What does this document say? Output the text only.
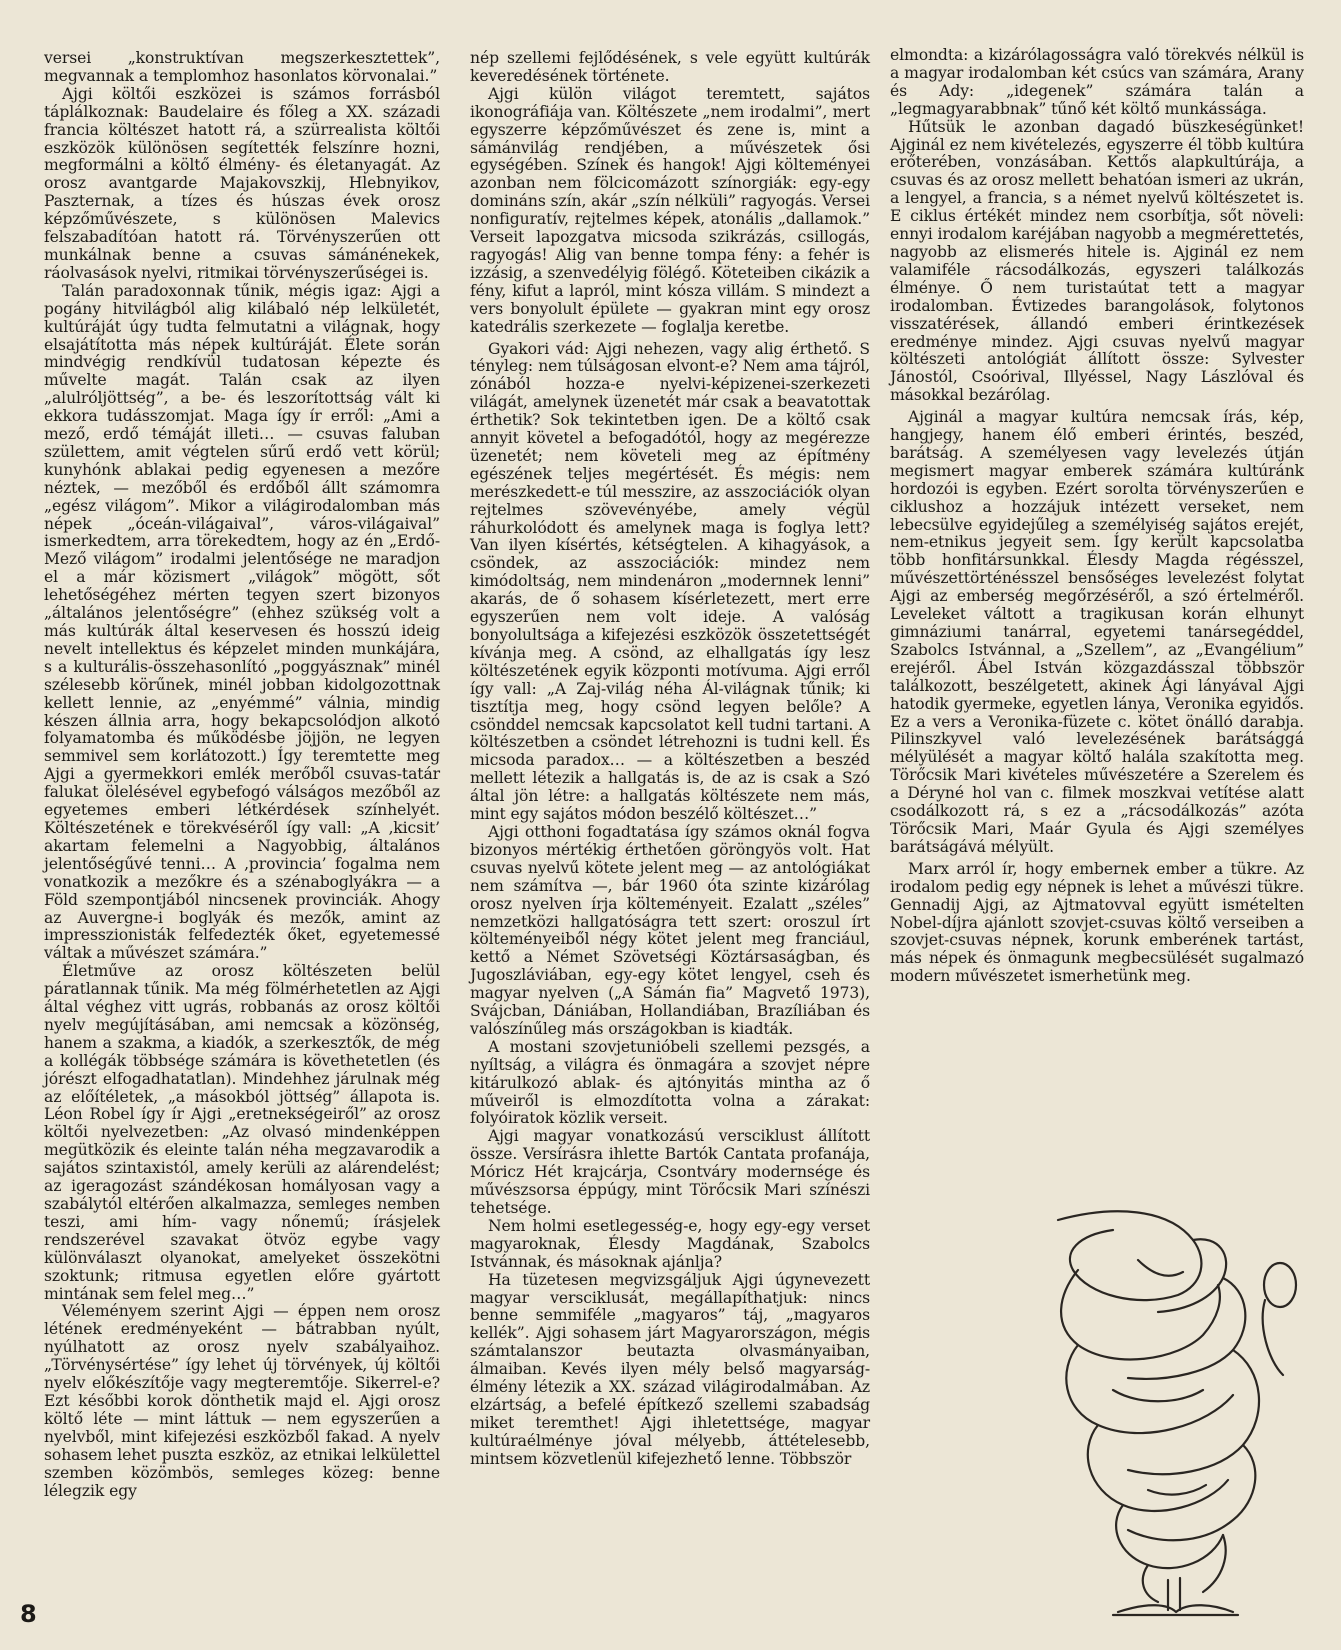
versei „konstruktívan megszerkesztettek”, megvannak a templomhoz hasonlatos körvonalai.”

Ajgi költői eszközei is számos forrásból táplálkoznak: Baudelaire és főleg a XX. századi francia költészet hatott rá, a szürrealista költői eszközök különösen segítették felszínre hozni, megformálni a költő élmény- és életanyagát. Az orosz avantgarde Majakovszkij, Hlebnyikov, Paszternak, a tízes és húszas évek orosz képzőművészete, s különösen Malevics felszabadítóan hatott rá. Törvényszerűen ott munkálnak benne a csuvas sámánénekek, ráolvasások nyelvi, ritmikai törvényszerűségei is.

Talán paradoxonnak tűnik, mégis igaz: Ajgi a pogány hitvilágból alig kilábaló nép lelkületét, kultúráját úgy tudta felmutatni a világnak, hogy elsajátította más népek kultúráját. Élete során mindvégig rendkívül tudatosan képezte és művelte magát. Talán csak az ilyen „alulróljöttség”, a be- és leszorítottság vált ki ekkora tudásszomjat. Maga így ír erről: „Ami a mező, erdő témáját illeti… — csuvas faluban születtem, amit végtelen sűrű erdő vett körül; kunyhónk ablakai pedig egyenesen a mezőre néztek, — mezőből és erdőből állt számomra „egész világom”. Mikor a világirodalomban más népek „óceán-világaival”, város-világaival” ismerkedtem, arra törekedtem, hogy az én „Erdő-Mező világom” irodalmi jelentősége ne maradjon el a már közismert „világok” mögött, sőt lehetőségéhez mérten tegyen szert bizonyos „általános jelentőségre” (ehhez szükség volt a más kultúrák által keservesen és hosszú ideig nevelt intellektus és képzelet minden munkájára, s a kulturális-összehasonlító „poggyásznak” minél szélesebb körűnek, minél jobban kidolgozottnak kellett lennie, az „enyémmé” válnia, mindig készen állnia arra, hogy bekapcsolódjon alkotó folyamatomba és működésbe jöjjön, ne legyen semmivel sem korlátozott.) Így teremtette meg Ajgi a gyermekkori emlék merőből csuvas-tatár falukat ölelésével egybefogó válságos mezőből az egyetemes emberi létkérdések színhelyét. Költészetének e törekvéséről így vall: „A ‚kicsit’ akartam felemelni a Nagyobbig, általános jelentőségűvé tenni… A ‚provincia’ fogalma nem vonatkozik a mezőkre és a szénaboglyákra — a Föld szempontjából nincsenek provinciák. Ahogy az Auvergne-i boglyák és mezők, amint az impresszionisták felfedezték őket, egyetemessé váltak a művészet számára.”

Életműve az orosz költészeten belül páratlannak tűnik. Ma még fölmérhetetlen az Ajgi által véghez vitt ugrás, robbanás az orosz költői nyelv megújításában, ami nemcsak a közönség, hanem a szakma, a kiadók, a szerkesztők, de még a kollégák többsége számára is követhetetlen (és jórészt elfogadhatatlan). Mindehhez járulnak még az előítéletek, „a másokból jöttség” állapota is. Léon Robel így ír Ajgi „eretnekségeiről” az orosz költői nyelvezetben: „Az olvasó mindenképpen megütközik és eleinte talán néha megzavarodik a sajátos szintaxistól, amely kerüli az alárendelést; az igeragozást szándékosan homályosan vagy a szabálytól eltérően alkalmazza, semleges nemben teszi, ami hím- vagy nőnemű; írásjelek rendszerével szavakat ötvöz egybe vagy különválaszt olyanokat, amelyeket összekötni szoktunk; ritmusa egyetlen előre gyártott mintának sem felel meg…”

Véleményem szerint Ajgi — éppen nem orosz létének eredményeként — bátrabban nyúlt, nyúlhatott az orosz nyelv szabályaihoz. „Törvénysértése” így lehet új törvények, új költői nyelv előkészítője vagy megteremtője. Sikerrel-e? Ezt későbbi korok dönthetik majd el. Ajgi orosz költő léte — mint láttuk — nem egyszerűen a nyelvből, mint kifejezési eszközből fakad. A nyelv sohasem lehet puszta eszköz, az etnikai lelkülettel szemben közömbös, semleges közeg: benne lélegzik egy

nép szellemi fejlődésének, s vele együtt kultúrák keveredésének története.

Ajgi külön világot teremtett, sajátos ikonográfiája van. Költészete „nem irodalmi”, mert egyszerre képzőművészet és zene is, mint a sámánvilág rendjében, a művészetek ősi egységében. Színek és hangok! Ajgi költeményei azonban nem fölcicomázott színorgiák: egy-egy domináns szín, akár „szín nélküli” ragyogás. Versei nonfiguratív, rejtelmes képek, atonális „dallamok.” Verseit lapozgatva micsoda szikrázás, csillogás, ragyogás! Alig van benne tompa fény: a fehér is izzásig, a szenvedélyig fölégő. Köteteiben cikázik a fény, kifut a lapról, mint kósza villám. S mindezt a vers bonyolult épülete — gyakran mint egy orosz katedrális szerkezete — foglalja keretbe.

Gyakori vád: Ajgi nehezen, vagy alig érthető. S tényleg: nem túlságosan elvont-e? Nem ama tájról, zónából hozza-e nyelvi-képizenei-szerkezeti világát, amelynek üzenetét már csak a beavatottak érthetik? Sok tekintetben igen. De a költő csak annyit követel a befogadótól, hogy az megérezze üzenetét; nem követeli meg az építmény egészének teljes megértését. És mégis: nem merészkedett-e túl messzire, az asszociációk olyan rejtelmes szövevényébe, amely végül ráhurkolódott és amelynek maga is foglya lett? Van ilyen kísértés, kétségtelen. A kihagyások, a csöndek, az asszociációk: mindez nem kimódoltság, nem mindenáron „modernnek lenni” akarás, de ő sohasem kísérletezett, mert erre egyszerűen nem volt ideje. A valóság bonyolultsága a kifejezési eszközök összetettségét kívánja meg. A csönd, az elhallgatás így lesz költészetének egyik központi motívuma. Ajgi erről így vall: „A Zaj-világ néha Ál-világnak tűnik; ki tisztítja meg, hogy csönd legyen belőle? A csönddel nemcsak kapcsolatot kell tudni tartani. A költészetben a csöndet létrehozni is tudni kell. És micsoda paradox… — a költészetben a beszéd mellett létezik a hallgatás is, de az is csak a Szó által jön létre: a hallgatás költészete nem más, mint egy sajátos módon beszélő költészet…”

Ajgi otthoni fogadtatása így számos oknál fogva bizonyos mértékig érthetően göröngyös volt. Hat csuvas nyelvű kötete jelent meg — az antológiákat nem számítva —, bár 1960 óta szinte kizárólag orosz nyelven írja költeményeit. Ezalatt „széles” nemzetközi hallgatóságra tett szert: oroszul írt költeményeiből négy kötet jelent meg franciául, kettő a Német Szövetségi Köztársaságban, és Jugoszláviában, egy-egy kötet lengyel, cseh és magyar nyelven („A Sámán fia” Magvető 1973), Svájcban, Dániában, Hollandiában, Brazíliában és valószínűleg más országokban is kiadták.

A mostani szovjetunióbeli szellemi pezsgés, a nyíltság, a világra és önmagára a szovjet népre kitárulkozó ablak- és ajtónyitás mintha az ő műveiről is elmozdította volna a zárakat: folyóiratok közlik verseit.

Ajgi magyar vonatkozású versciklust állított össze. Versírásra ihlette Bartók Cantata profanája, Móricz Hét krajcárja, Csontváry modernsége és művészsorsa éppúgy, mint Törőcsik Mari színészi tehetsége.

Nem holmi esetlegesség-e, hogy egy-egy verset magyaroknak, Élesdy Magdának, Szabolcs Istvánnak, és másoknak ajánlja?

Ha tüzetesen megvizsgáljuk Ajgi úgynevezett magyar versciklusát, megállapíthatjuk: nincs benne semmiféle „magyaros” táj, „magyaros kellék”. Ajgi sohasem járt Magyarországon, mégis számtalanszor beutazta olvasmányaiban, álmaiban. Kevés ilyen mély belső magyarság-élmény létezik a XX. század világirodalmában. Az elzártság, a befelé építkező szellemi szabadság miket teremthet! Ajgi ihletettsége, magyar kultúraélménye jóval mélyebb, áttételesebb, mintsem közvetlenül kifejezhető lenne. Többször

elmondta: a kizárólagosságra való törekvés nélkül is a magyar irodalomban két csúcs van számára, Arany és Ady: „idegenek” számára talán a „legmagyarabbnak” tűnő két költő munkássága.

Hűtsük le azonban dagadó büszkeségünket! Ajginál ez nem kivételezés, egyszerre él több kultúra erőterében, vonzásában. Kettős alapkultúrája, a csuvas és az orosz mellett behatóan ismeri az ukrán, a lengyel, a francia, s a német nyelvű költészetet is. E ciklus értékét mindez nem csorbítja, sőt növeli: ennyi irodalom karéjában nagyobb a megmérettetés, nagyobb az elismerés hitele is. Ajginál ez nem valamiféle rácsodálkozás, egyszeri találkozás élménye. Ő nem turistaútat tett a magyar irodalomban. Évtizedes barangolások, folytonos visszatérések, állandó emberi érintkezések eredménye mindez. Ajgi csuvas nyelvű magyar költészeti antológiát állított össze: Sylvester Jánostól, Csoórival, Illyéssel, Nagy Lászlóval és másokkal bezárólag.

Ajginál a magyar kultúra nemcsak írás, kép, hangjegy, hanem élő emberi érintés, beszéd, barátság. A személyesen vagy levelezés útján megismert magyar emberek számára kultúránk hordozói is egyben. Ezért sorolta törvényszerűen e ciklushoz a hozzájuk intézett verseket, nem lebecsülve egyidejűleg a személyiség sajátos erejét, nem-etnikus jegyeit sem. Így került kapcsolatba több honfitársunkkal. Élesdy Magda régésszel, művészettörténésszel bensőséges levelezést folytat Ajgi az emberség megőrzéséről, a szó értelméről. Leveleket váltott a tragikusan korán elhunyt gimnáziumi tanárral, egyetemi tanársegéddel, Szabolcs Istvánnal, a „Szellem”, az „Evangélium” erejéről. Ábel István közgazdásszal többször találkozott, beszélgetett, akinek Ági lányával Ajgi hatodik gyermeke, egyetlen lánya, Veronika egyidős. Ez a vers a Veronika-füzete c. kötet önálló darabja. Pilinszkyvel való levelezésének barátsággá mélyülését a magyar költő halála szakította meg. Törőcsik Mari kivételes művészetére a Szerelem és a Déryné hol van c. filmek moszkvai vetítése alatt csodálkozott rá, s ez a „rácsodálkozás” azóta Törőcsik Mari, Maár Gyula és Ajgi személyes barátságává mélyült.

Marx arról ír, hogy embernek ember a tükre. Az irodalom pedig egy népnek is lehet a művészi tükre. Gennadij Ajgi, az Ajtmatovval együtt ismételten Nobel-díjra ajánlott szovjet-csuvas költő verseiben a szovjet-csuvas népnek, korunk emberének tartást, más népek és önmagunk megbecsülését sugalmazó modern művészetet ismerhetünk meg.

8
